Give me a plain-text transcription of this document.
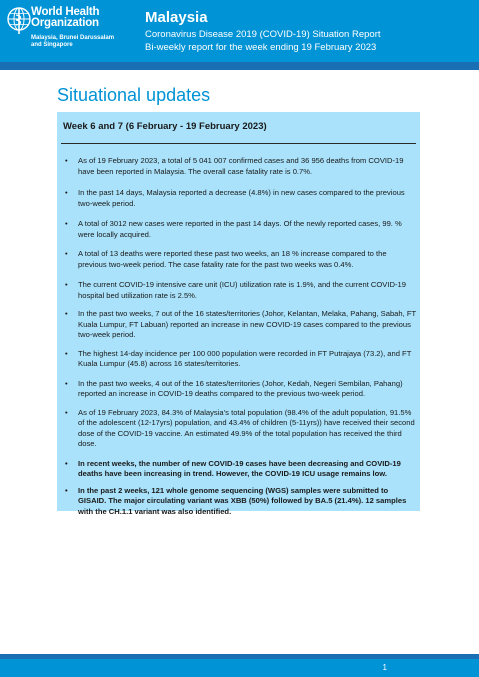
World Health
Organization
Malaysia, Brunei Darussalam
and Singapore
Malaysia
Coronavirus Disease 2019 (COVID-19) Situation Report
Bi-weekly report for the week ending 19 February 2023
Situational updates
Week 6 and 7 (6 February - 19 February 2023)
• As of 19 February 2023, a total of 5 041 007 confirmed cases and 36 956 deaths from COVID-19 have been reported in Malaysia. The overall case fatality rate is 0.7%.
• In the past 14 days, Malaysia reported a decrease (4.8%) in new cases compared to the previous two-week period.
• A total of 3012 new cases were reported in the past 14 days. Of the newly reported cases, 99. % were locally acquired.
• A total of 13 deaths were reported these past two weeks, an 18 % increase compared to the previous two-week period. The case fatality rate for the past two weeks was 0.4%.
• The current COVID-19 intensive care unit (ICU) utilization rate is 1.9%, and the current COVID-19 hospital bed utilization rate is 2.5%.
• In the past two weeks, 7 out of the 16 states/territories (Johor, Kelantan, Melaka, Pahang, Sabah, FT Kuala Lumpur, FT Labuan) reported an increase in new COVID-19 cases compared to the previous two-week period.
• The highest 14-day incidence per 100 000 population were recorded in FT Putrajaya (73.2), and FT Kuala Lumpur (45.8) across 16 states/territories.
• In the past two weeks, 4 out of the 16 states/territories (Johor, Kedah, Negeri Sembilan, Pahang) reported an increase in COVID-19 deaths compared to the previous two-week period.
• As of 19 February 2023, 84.3% of Malaysia’s total population (98.4% of the adult population, 91.5% of the adolescent (12-17yrs) population, and 43.4% of children (5-11yrs)) have received their second dose of the COVID-19 vaccine. An estimated 49.9% of the total population has received the third dose.
• In recent weeks, the number of new COVID-19 cases have been decreasing and COVID-19 deaths have been increasing in trend. However, the COVID-19 ICU usage remains low.
• In the past 2 weeks, 121 whole genome sequencing (WGS) samples were submitted to GISAID. The major circulating variant was XBB (50%) followed by BA.5 (21.4%). 12 samples with the CH.1.1 variant was also identified.
1
